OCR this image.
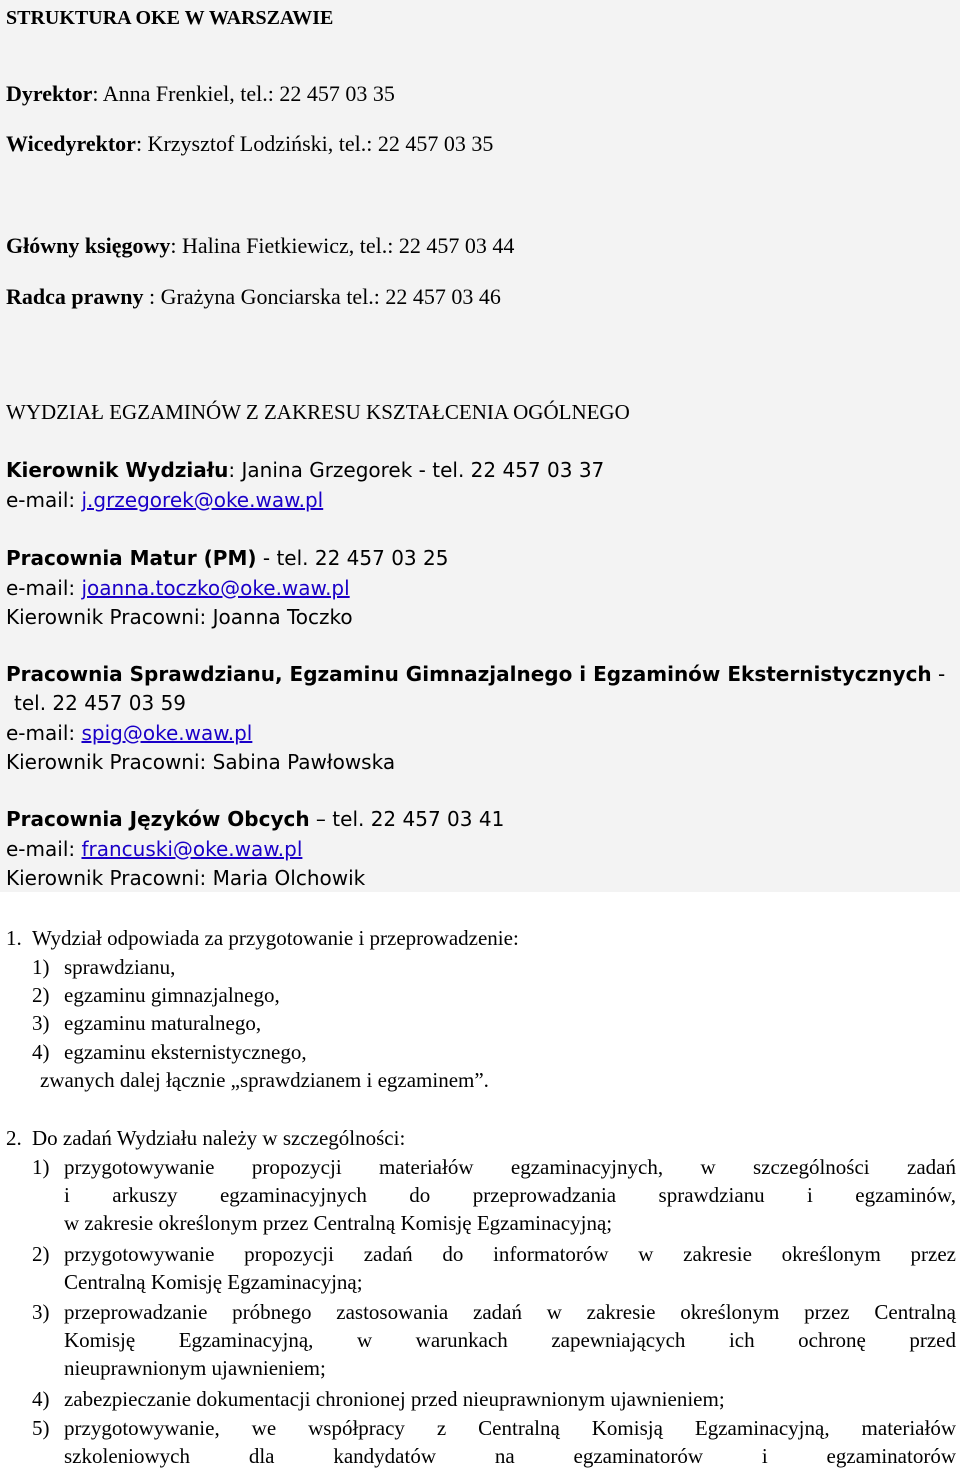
STRUKTURA OKE W WARSZAWIE
Dyrektor: Anna Frenkiel, tel.: 22 457 03 35
Wicedyrektor: Krzysztof Lodziński, tel.: 22 457 03 35
Główny księgowy: Halina Fietkiewicz, tel.: 22 457 03 44
Radca prawny : Grażyna Gonciarska tel.: 22 457 03 46
WYDZIAŁ EGZAMINÓW Z ZAKRESU KSZTAŁCENIA OGÓLNEGO
Kierownik Wydziału: Janina Grzegorek - tel. 22 457 03 37
e-mail: j.grzegorek@oke.waw.pl
Pracownia Matur (PM) - tel. 22 457 03 25
e-mail: joanna.toczko@oke.waw.pl
Kierownik Pracowni: Joanna Toczko
Pracownia Sprawdzianu, Egzaminu Gimnazjalnego i Egzaminów Eksternistycznych -
tel. 22 457 03 59
e-mail: spig@oke.waw.pl
Kierownik Pracowni: Sabina Pawłowska
Pracownia Języków Obcych – tel. 22 457 03 41
e-mail: francuski@oke.waw.pl
Kierownik Pracowni: Maria Olchowik
1. Wydział odpowiada za przygotowanie i przeprowadzenie:
1) sprawdzianu,
2) egzaminu gimnazjalnego,
3) egzaminu maturalnego,
4) egzaminu eksternistycznego,
zwanych dalej łącznie „sprawdzianem i egzaminem”.
2. Do zadań Wydziału należy w szczególności:
1) przygotowywanie propozycji materiałów egzaminacyjnych, w szczególności zadań
i arkuszy egzaminacyjnych do przeprowadzania sprawdzianu i egzaminów,
w zakresie określonym przez Centralną Komisję Egzaminacyjną;
2) przygotowywanie propozycji zadań do informatorów w zakresie określonym przez
Centralną Komisję Egzaminacyjną;
3) przeprowadzanie próbnego zastosowania zadań w zakresie określonym przez Centralną
Komisję Egzaminacyjną, w warunkach zapewniających ich ochronę przed
nieuprawnionym ujawnieniem;
4) zabezpieczanie dokumentacji chronionej przed nieuprawnionym ujawnieniem;
5) przygotowywanie, we współpracy z Centralną Komisją Egzaminacyjną, materiałów
szkoleniowych dla kandydatów na egzaminatorów i egzaminatorów
